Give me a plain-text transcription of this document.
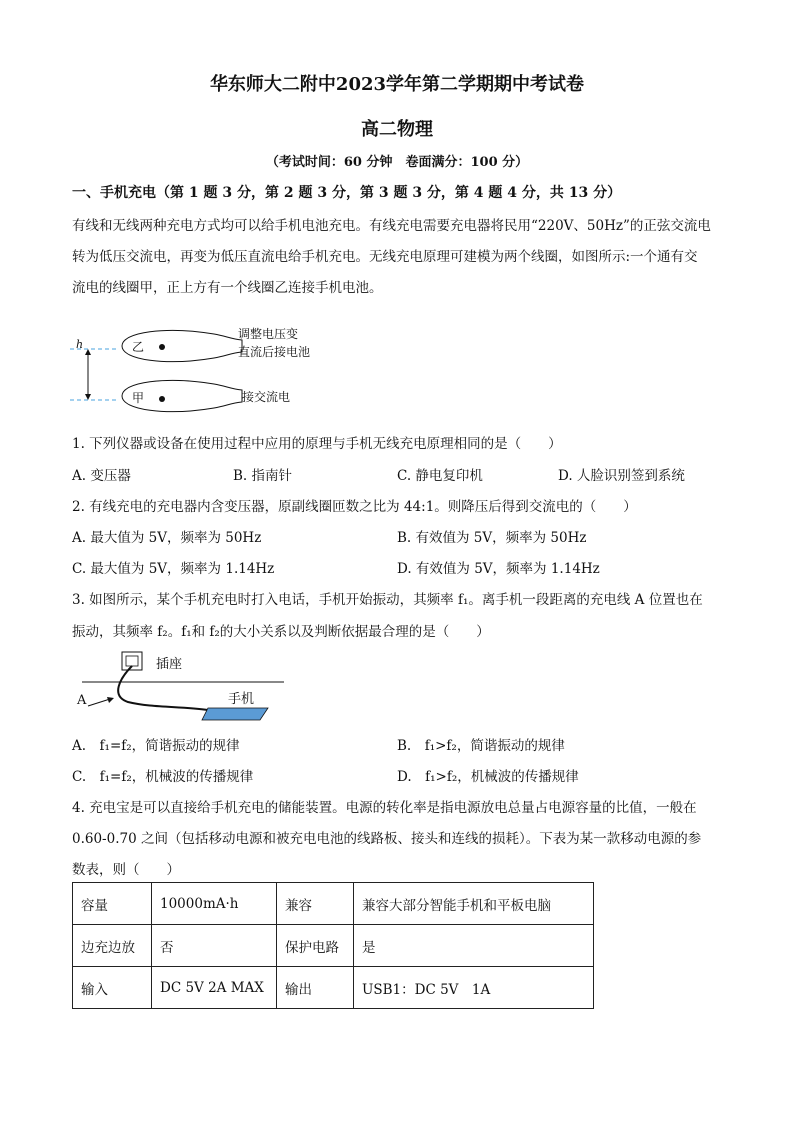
华东师大二附中2023学年第二学期期中考试卷
高二物理
（考试时间：60 分钟　卷面满分：100 分）
一、手机充电（第 1 题 3 分，第 2 题 3 分，第 3 题 3 分，第 4 题 4 分，共 13 分）
有线和无线两种充电方式均可以给手机电池充电。有线充电需要充电器将民用“220V、50Hz”的正弦交流电
转为低压交流电，再变为低压直流电给手机充电。无线充电原理可建模为两个线圈，如图所示:一个通有交
流电的线圈甲，正上方有一个线圈乙连接手机电池。
h	乙
甲
调整电压变
直流后接电池
接交流电
1. 下列仪器或设备在使用过程中应用的原理与手机无线充电原理相同的是（　　）
A. 变压器	B. 指南针	C. 静电复印机	D. 人脸识别签到系统
2. 有线充电的充电器内含变压器，原副线圈匝数之比为 44:1。则降压后得到交流电的（　　）
A. 最大值为 5V，频率为 50Hz	B. 有效值为 5V，频率为 50Hz
C. 最大值为 5V，频率为 1.14Hz	D. 有效值为 5V，频率为 1.14Hz
3. 如图所示，某个手机充电时打入电话，手机开始振动，其频率 f₁。离手机一段距离的充电线 A 位置也在
振动，其频率 f₂。f₁和 f₂的大小关系以及判断依据最合理的是（　　）
插座
手机
A
A.　f₁=f₂，简谐振动的规律	B.　f₁>f₂，简谐振动的规律
C.　f₁=f₂，机械波的传播规律	D.　f₁>f₂，机械波的传播规律
4. 充电宝是可以直接给手机充电的储能装置。电源的转化率是指电源放电总量占电源容量的比值，一般在
0.60-0.70 之间（包括移动电源和被充电电池的线路板、接头和连线的损耗）。下表为某一款移动电源的参
数表，则（　　）
容量	10000mA·h	兼容	兼容大部分智能手机和平板电脑
边充边放	否	保护电路	是
输入	DC 5V 2A MAX	输出	USB1：DC 5V　1A
